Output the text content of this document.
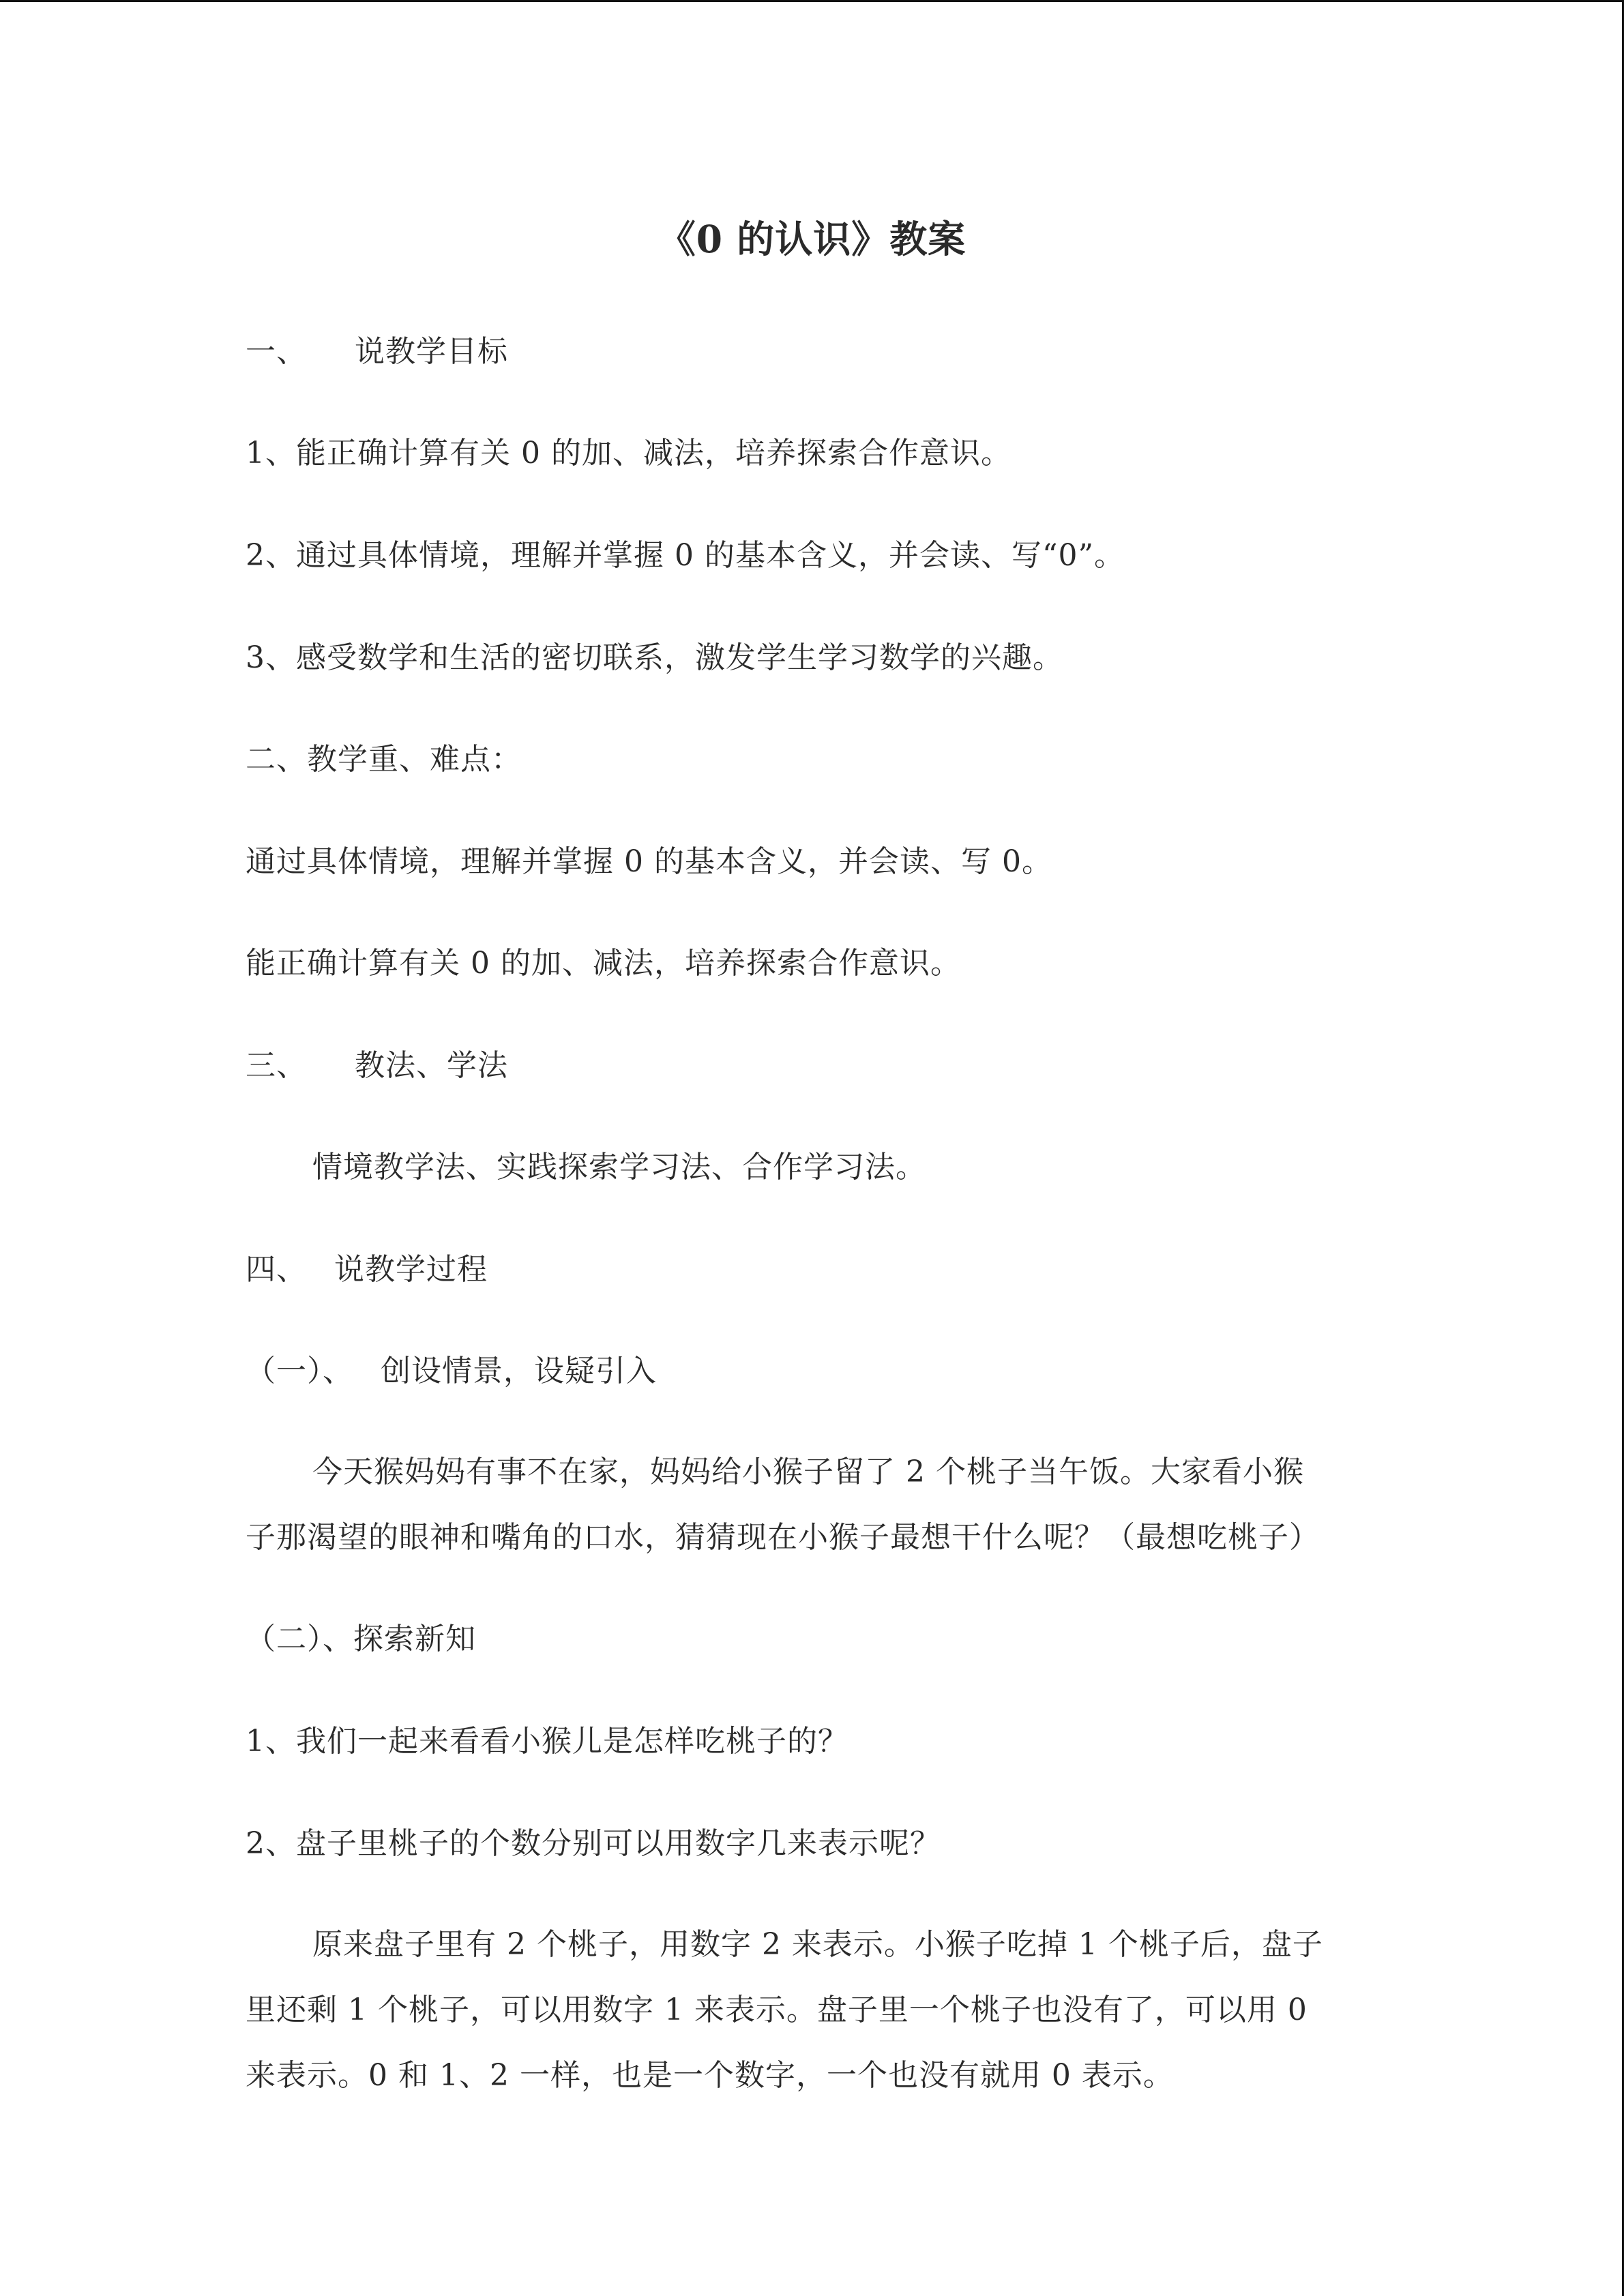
《0 的认识》教案
一、 说教学目标
1、能正确计算有关 0 的加、减法，培养探索合作意识。
2、通过具体情境，理解并掌握 0 的基本含义，并会读、写“0”。
3、感受数学和生活的密切联系，激发学生学习数学的兴趣。
二、教学重、难点：
通过具体情境，理解并掌握 0 的基本含义，并会读、写 0。
能正确计算有关 0 的加、减法，培养探索合作意识。
三、 教法、学法
情境教学法、实践探索学习法、合作学习法。
四、 说教学过程
（一）、 创设情景，设疑引入
今天猴妈妈有事不在家，妈妈给小猴子留了 2 个桃子当午饭。大家看小猴
子那渴望的眼神和嘴角的口水，猜猜现在小猴子最想干什么呢？（最想吃桃子）
（二）、探索新知
1、我们一起来看看小猴儿是怎样吃桃子的？
2、盘子里桃子的个数分别可以用数字几来表示呢？
原来盘子里有 2 个桃子，用数字 2 来表示。小猴子吃掉 1 个桃子后，盘子
里还剩 1 个桃子，可以用数字 1 来表示。盘子里一个桃子也没有了，可以用 0
来表示。0 和 1、2 一样，也是一个数字，一个也没有就用 0 表示。
